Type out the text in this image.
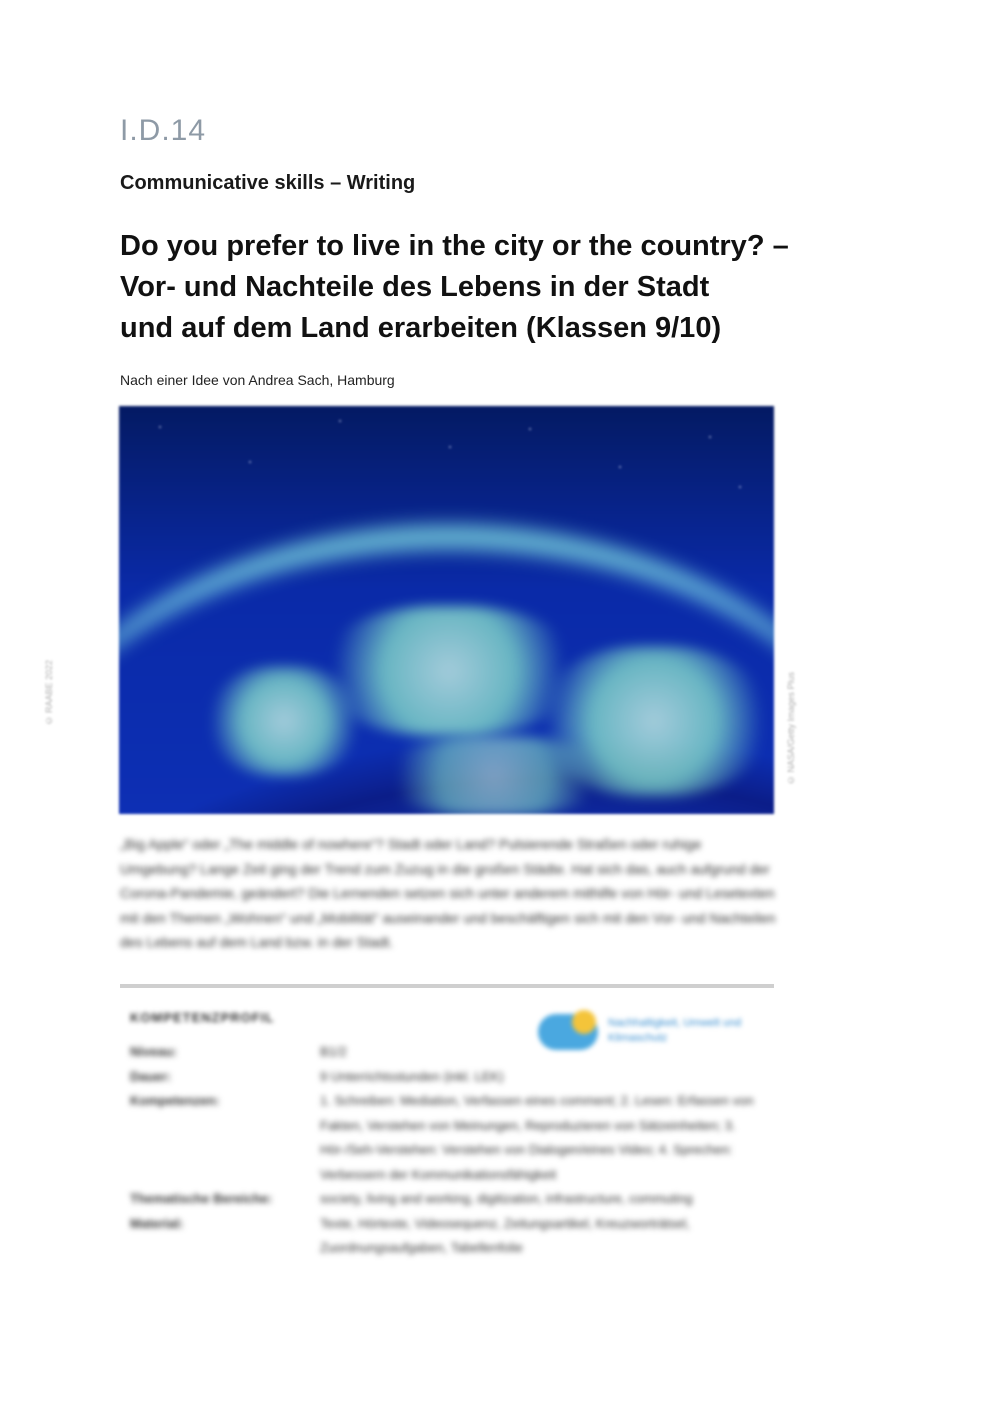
I.D.14
Communicative skills – Writing
Do you prefer to live in the city or the country? –
Vor- und Nachteile des Lebens in der Stadt
und auf dem Land erarbeiten (Klassen 9/10)
Nach einer Idee von Andrea Sach, Hamburg
© RAABE 2022	© NASA/Getty Images Plus
„Big Apple“ oder „The middle of nowhere“? Stadt oder Land? Pulsierende Straßen oder ruhige Umgebung? Lange Zeit ging der Trend zum Zuzug in die großen Städte. Hat sich das, auch aufgrund der Corona-Pandemie, geändert? Die Lernenden setzen sich unter anderem mithilfe von Hör- und Lesetexten mit den Themen „Wohnen“ und „Mobilität“ auseinander und beschäftigen sich mit den Vor- und Nachteilen des Lebens auf dem Land bzw. in der Stadt.
KOMPETENZPROFIL	Nachhaltigkeit, Umwelt und Klimaschutz
Niveau:	B1/2
Dauer:	9 Unterrichtsstunden (inkl. LEK)
Kompetenzen:	1. Schreiben: Mediation, Verfassen eines comment; 2. Lesen: Erfassen von Fakten, Verstehen von Meinungen, Reproduzieren von Sätzeinheiten; 3. Hör-/Seh-Verstehen: Verstehen von Dialogen/eines Video; 4. Sprechen: Verbessern der Kommunikationsfähigkeit
Thematische Bereiche:	society, living and working, digitization, infrastructure, commuting
Material:	Texte, Hörtexte, Videosequenz, Zeitungsartikel, Kreuzworträtsel, Zuordnungsaufgaben, Tabellenfolie
